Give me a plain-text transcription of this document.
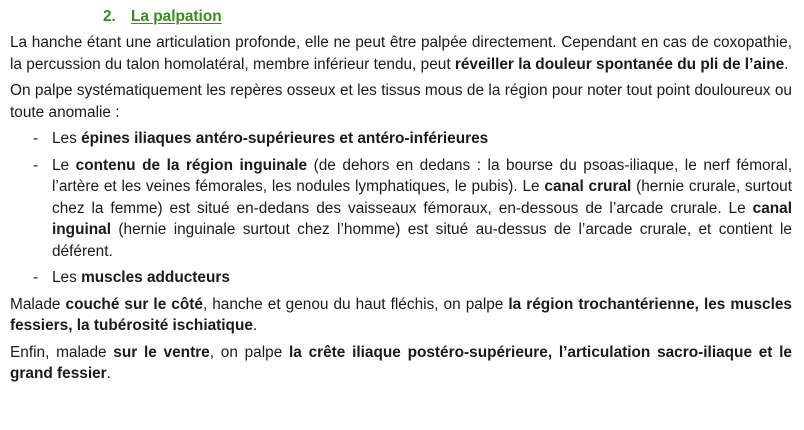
2. La palpation

La hanche étant une articulation profonde, elle ne peut être palpée directement. Cependant en cas de coxopathie, la percussion du talon homolatéral, membre inférieur tendu, peut réveiller la douleur spontanée du pli de l’aine.

On palpe systématiquement les repères osseux et les tissus mous de la région pour noter tout point douloureux ou toute anomalie :

- Les épines iliaques antéro-supérieures et antéro-inférieures
- Le contenu de la région inguinale (de dehors en dedans : la bourse du psoas-iliaque, le nerf fémoral, l’artère et les veines fémorales, les nodules lymphatiques, le pubis). Le canal crural (hernie crurale, surtout chez la femme) est situé en-dedans des vaisseaux fémoraux, en-dessous de l’arcade crurale. Le canal inguinal (hernie inguinale surtout chez l’homme) est situé au-dessus de l’arcade crurale, et contient le déférent.
- Les muscles adducteurs

Malade couché sur le côté, hanche et genou du haut fléchis, on palpe la région trochantérienne, les muscles fessiers, la tubérosité ischiatique.

Enfin, malade sur le ventre, on palpe la crête iliaque postéro-supérieure, l’articulation sacro-iliaque et le grand fessier.
